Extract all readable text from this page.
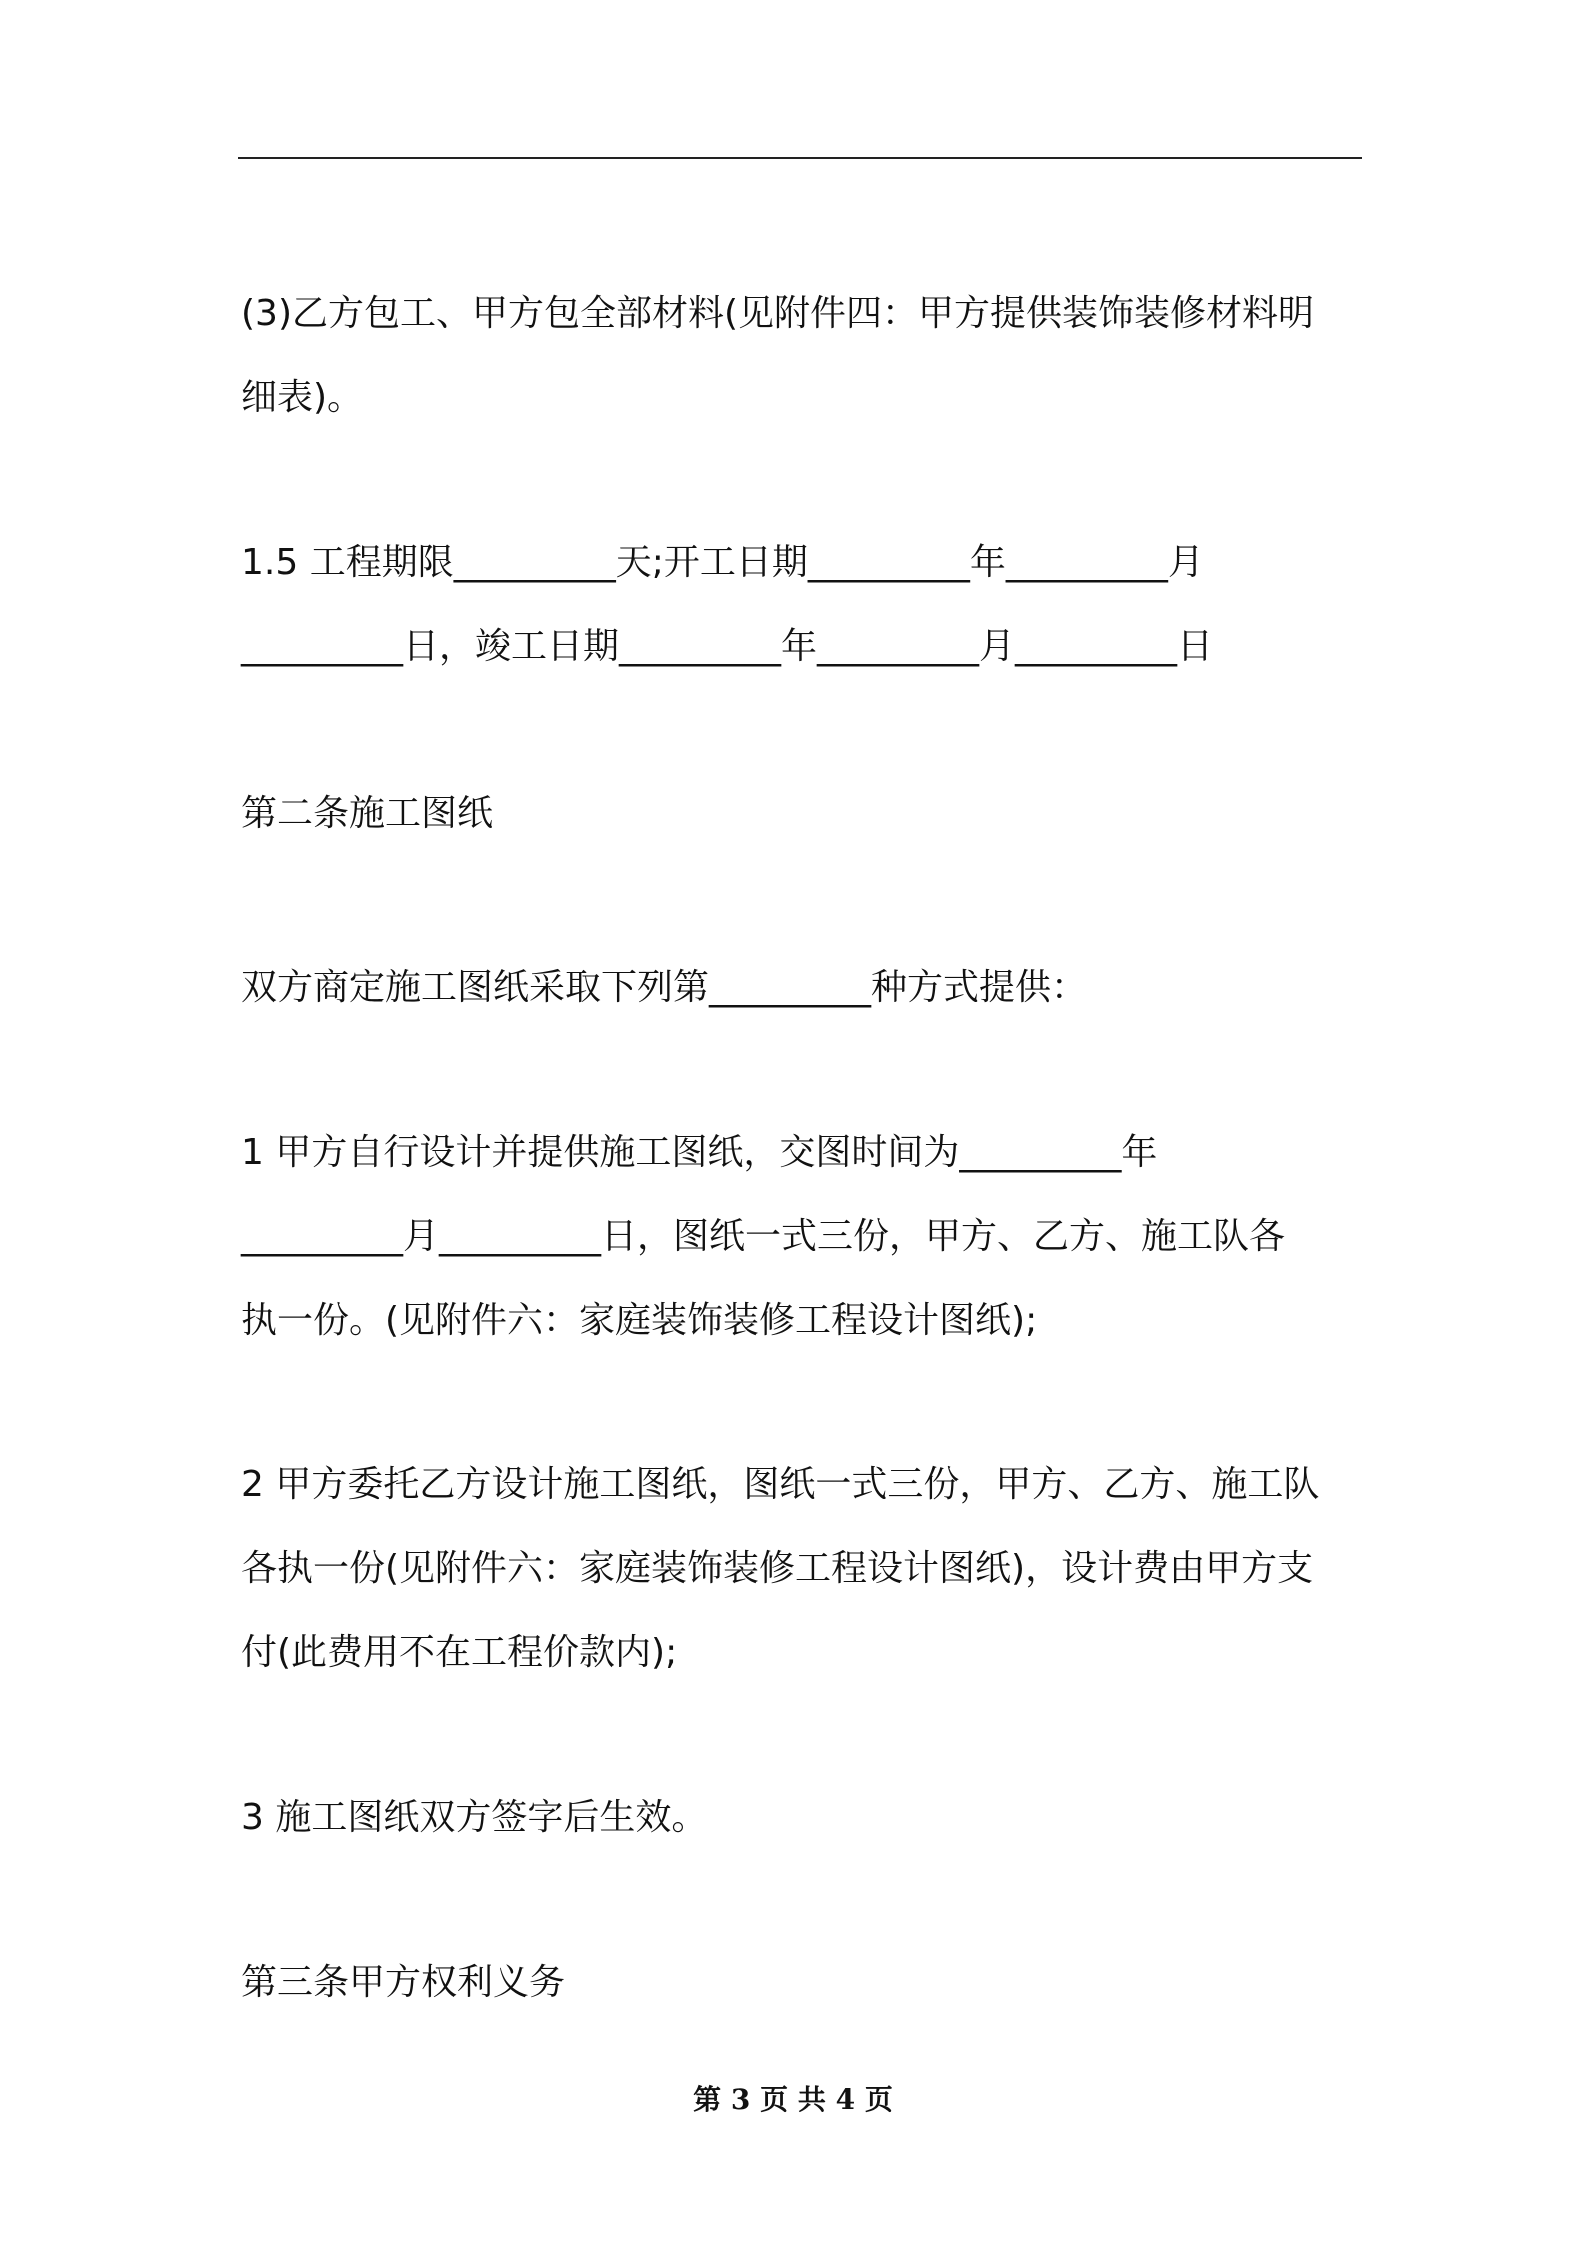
(3)乙方包工、甲方包全部材料(见附件四：甲方提供装饰装修材料明
细表)。
1.5 工程期限_________天;开工日期_________年_________月
_________日，竣工日期_________年_________月_________日
第二条施工图纸
双方商定施工图纸采取下列第_________种方式提供：
1 甲方自行设计并提供施工图纸，交图时间为_________年
_________月_________日，图纸一式三份，甲方、乙方、施工队各
执一份。(见附件六：家庭装饰装修工程设计图纸);
2 甲方委托乙方设计施工图纸，图纸一式三份，甲方、乙方、施工队
各执一份(见附件六：家庭装饰装修工程设计图纸)，设计费由甲方支
付(此费用不在工程价款内);
3 施工图纸双方签字后生效。
第三条甲方权利义务
第 3 页 共 4 页
